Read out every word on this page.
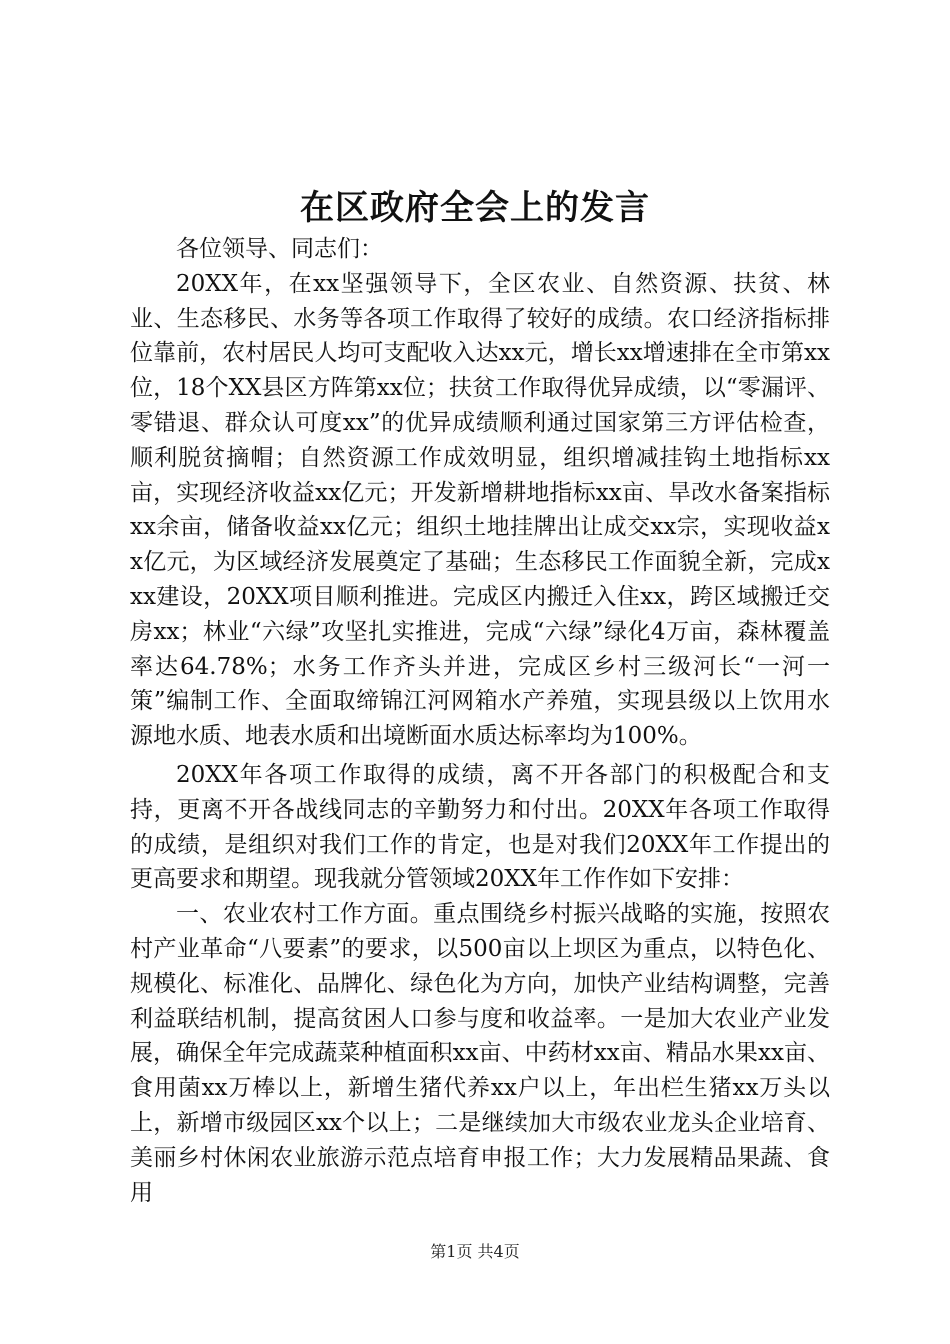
在区政府全会上的发言

各位领导、同志们：

20XX年，在xx坚强领导下，全区农业、自然资源、扶贫、林业、生态移民、水务等各项工作取得了较好的成绩。农口经济指标排位靠前，农村居民人均可支配收入达xx元，增长xx增速排在全市第xx位，18个XX县区方阵第xx位；扶贫工作取得优异成绩，以“零漏评、零错退、群众认可度xx”的优异成绩顺利通过国家第三方评估检查，顺利脱贫摘帽；自然资源工作成效明显，组织增减挂钩土地指标xx亩，实现经济收益xx亿元；开发新增耕地指标xx亩、旱改水备案指标xx余亩，储备收益xx亿元；组织土地挂牌出让成交xx宗，实现收益xx亿元，为区域经济发展奠定了基础；生态移民工作面貌全新，完成xxx建设，20XX项目顺利推进。完成区内搬迁入住xx，跨区域搬迁交房xx；林业“六绿”攻坚扎实推进，完成“六绿”绿化4万亩，森林覆盖率达64.78%；水务工作齐头并进，完成区乡村三级河长“一河一策”编制工作、全面取缔锦江河网箱水产养殖，实现县级以上饮用水源地水质、地表水质和出境断面水质达标率均为100%。

20XX年各项工作取得的成绩，离不开各部门的积极配合和支持，更离不开各战线同志的辛勤努力和付出。20XX年各项工作取得的成绩，是组织对我们工作的肯定，也是对我们20XX年工作提出的更高要求和期望。现我就分管领域20XX年工作作如下安排：

一、农业农村工作方面。重点围绕乡村振兴战略的实施，按照农村产业革命“八要素”的要求，以500亩以上坝区为重点，以特色化、规模化、标准化、品牌化、绿色化为方向，加快产业结构调整，完善利益联结机制，提高贫困人口参与度和收益率。一是加大农业产业发展，确保全年完成蔬菜种植面积xx亩、中药材xx亩、精品水果xx亩、食用菌xx万棒以上，新增生猪代养xx户以上，年出栏生猪xx万头以上，新增市级园区xx个以上；二是继续加大市级农业龙头企业培育、美丽乡村休闲农业旅游示范点培育申报工作；大力发展精品果蔬、食用

第1页 共4页
